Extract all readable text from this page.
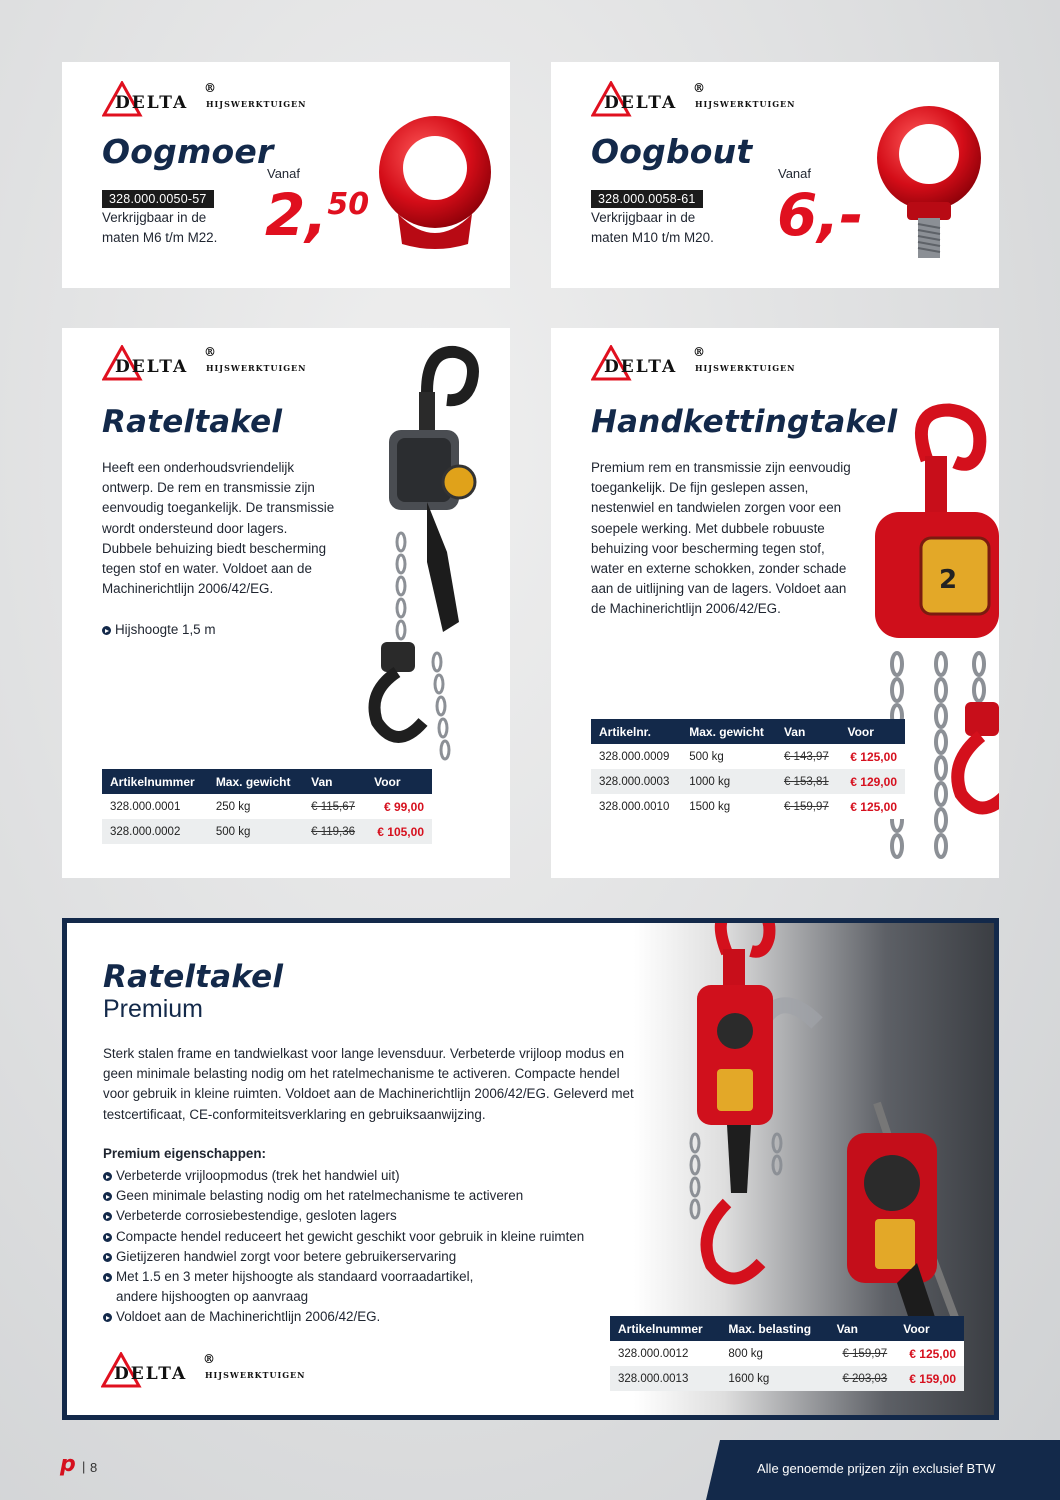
DELTA
®
HIJSWERKTUIGEN
Oogmoer
328.000.0050-57
Verkrijgbaar in de
maten M6 t/m M22.
Vanaf
2,50
DELTA
®
HIJSWERKTUIGEN
Oogbout
328.000.0058-61
Verkrijgbaar in de
maten M10 t/m M20.
Vanaf
6,-
DELTA
®
HIJSWERKTUIGEN
Rateltakel
Heeft een onderhoudsvriendelijk
ontwerp. De rem en transmissie zijn
eenvoudig toegankelijk. De transmissie
wordt ondersteund door lagers.
Dubbele behuizing biedt bescherming
tegen stof en water. Voldoet aan de
Machinerichtlijn 2006/42/EG.
Hijshoogte 1,5 m
Artikelnummer	Max. gewicht	Van	Voor
328.000.0001	250 kg	€ 115,67	€ 99,00
328.000.0002	500 kg	€ 119,36	€ 105,00
DELTA
®
HIJSWERKTUIGEN
Handkettingtakel
Premium rem en transmissie zijn eenvoudig
toegankelijk. De fijn geslepen assen,
nestenwiel en tandwielen zorgen voor een
soepele werking. Met dubbele robuuste
behuizing voor bescherming tegen stof,
water en externe schokken, zonder schade
aan de uitlijning van de lagers. Voldoet aan
de Machinerichtlijn 2006/42/EG.
2
Artikelnr.	Max. gewicht	Van	Voor
328.000.0009	500 kg	€ 143,97	€ 125,00
328.000.0003	1000 kg	€ 153,81	€ 129,00
328.000.0010	1500 kg	€ 159,97	€ 125,00
Rateltakel
Premium
Sterk stalen frame en tandwielkast voor lange levensduur. Verbeterde vrijloop modus en
geen minimale belasting nodig om het ratelmechanisme te activeren. Compacte hendel
voor gebruik in kleine ruimten. Voldoet aan de Machinerichtlijn 2006/42/EG. Geleverd met
testcertificaat, CE-conformiteitsverklaring en gebruiksaanwijzing.
Premium eigenschappen:
Verbeterde vrijloopmodus (trek het handwiel uit)
Geen minimale belasting nodig om het ratelmechanisme te activeren
Verbeterde corrosiebestendige, gesloten lagers
Compacte hendel reduceert het gewicht geschikt voor gebruik in kleine ruimten
Gietijzeren handwiel zorgt voor betere gebruikerservaring
Met 1.5 en 3 meter hijshoogte als standaard voorraadartikel,
andere hijshoogten op aanvraag
Voldoet aan de Machinerichtlijn 2006/42/EG.
DELTA
®
HIJSWERKTUIGEN
Artikelnummer	Max. belasting	Van	Voor
328.000.0012	800 kg	€ 159,97	€ 125,00
328.000.0013	1600 kg	€ 203,03	€ 159,00
p | 8	Alle genoemde prijzen zijn exclusief BTW
